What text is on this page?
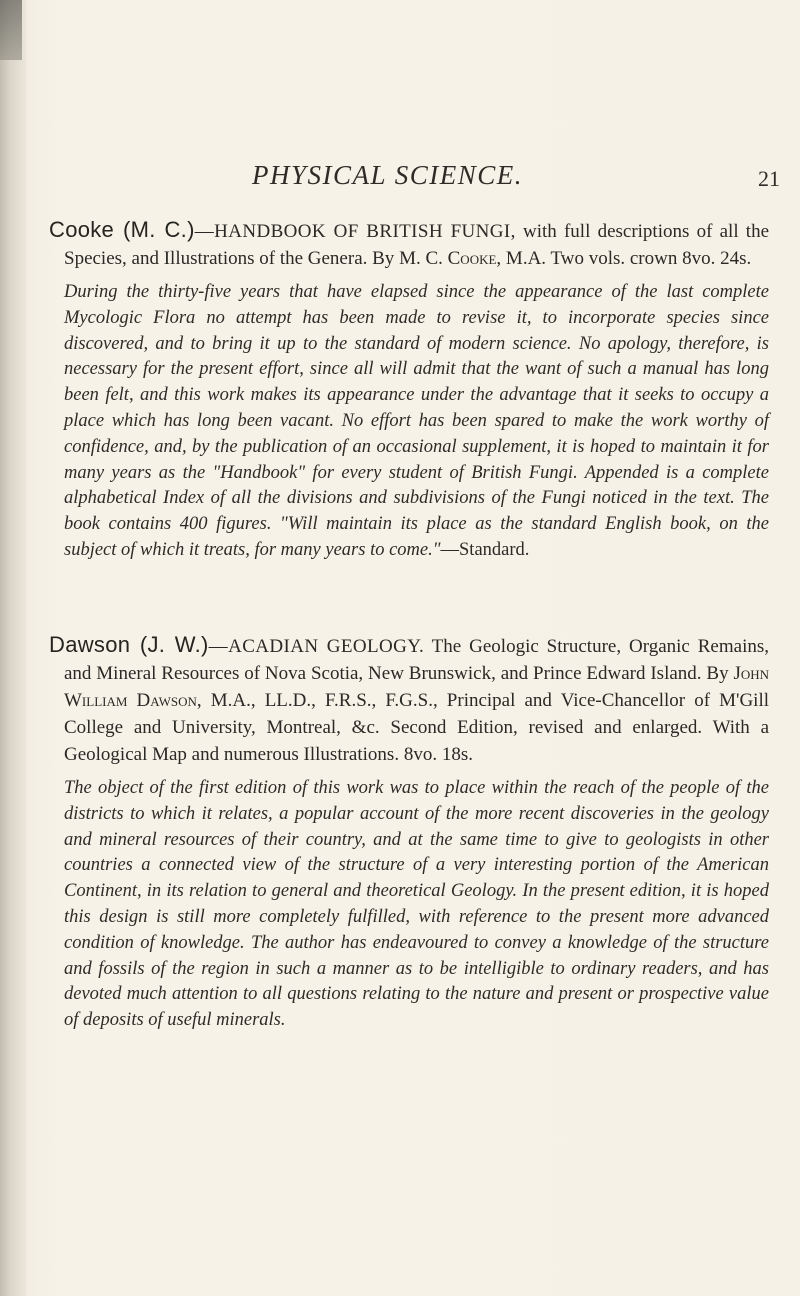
PHYSICAL SCIENCE.	21

Cooke (M. C.)—HANDBOOK OF BRITISH FUNGI, with full descriptions of all the Species, and Illustrations of the Genera. By M. C. Cooke, M.A. Two vols. crown 8vo. 24s.

During the thirty-five years that have elapsed since the appearance of the last complete Mycologic Flora no attempt has been made to revise it, to incorporate species since discovered, and to bring it up to the standard of modern science. No apology, therefore, is necessary for the present effort, since all will admit that the want of such a manual has long been felt, and this work makes its appearance under the advantage that it seeks to occupy a place which has long been vacant. No effort has been spared to make the work worthy of confidence, and, by the publication of an occasional supplement, it is hoped to maintain it for many years as the "Handbook" for every student of British Fungi. Appended is a complete alphabetical Index of all the divisions and subdivisions of the Fungi noticed in the text. The book contains 400 figures. "Will maintain its place as the standard English book, on the subject of which it treats, for many years to come."—Standard.

Dawson (J. W.)—ACADIAN GEOLOGY. The Geologic Structure, Organic Remains, and Mineral Resources of Nova Scotia, New Brunswick, and Prince Edward Island. By John William Dawson, M.A., LL.D., F.R.S., F.G.S., Principal and Vice-Chancellor of M'Gill College and University, Montreal, &c. Second Edition, revised and enlarged. With a Geological Map and numerous Illustrations. 8vo. 18s.

The object of the first edition of this work was to place within the reach of the people of the districts to which it relates, a popular account of the more recent discoveries in the geology and mineral resources of their country, and at the same time to give to geologists in other countries a connected view of the structure of a very interesting portion of the American Continent, in its relation to general and theoretical Geology. In the present edition, it is hoped this design is still more completely fulfilled, with reference to the present more advanced condition of knowledge. The author has endeavoured to convey a knowledge of the structure and fossils of the region in such a manner as to be intelligible to ordinary readers, and has devoted much attention to all questions relating to the nature and present or prospective value of deposits of useful minerals.
